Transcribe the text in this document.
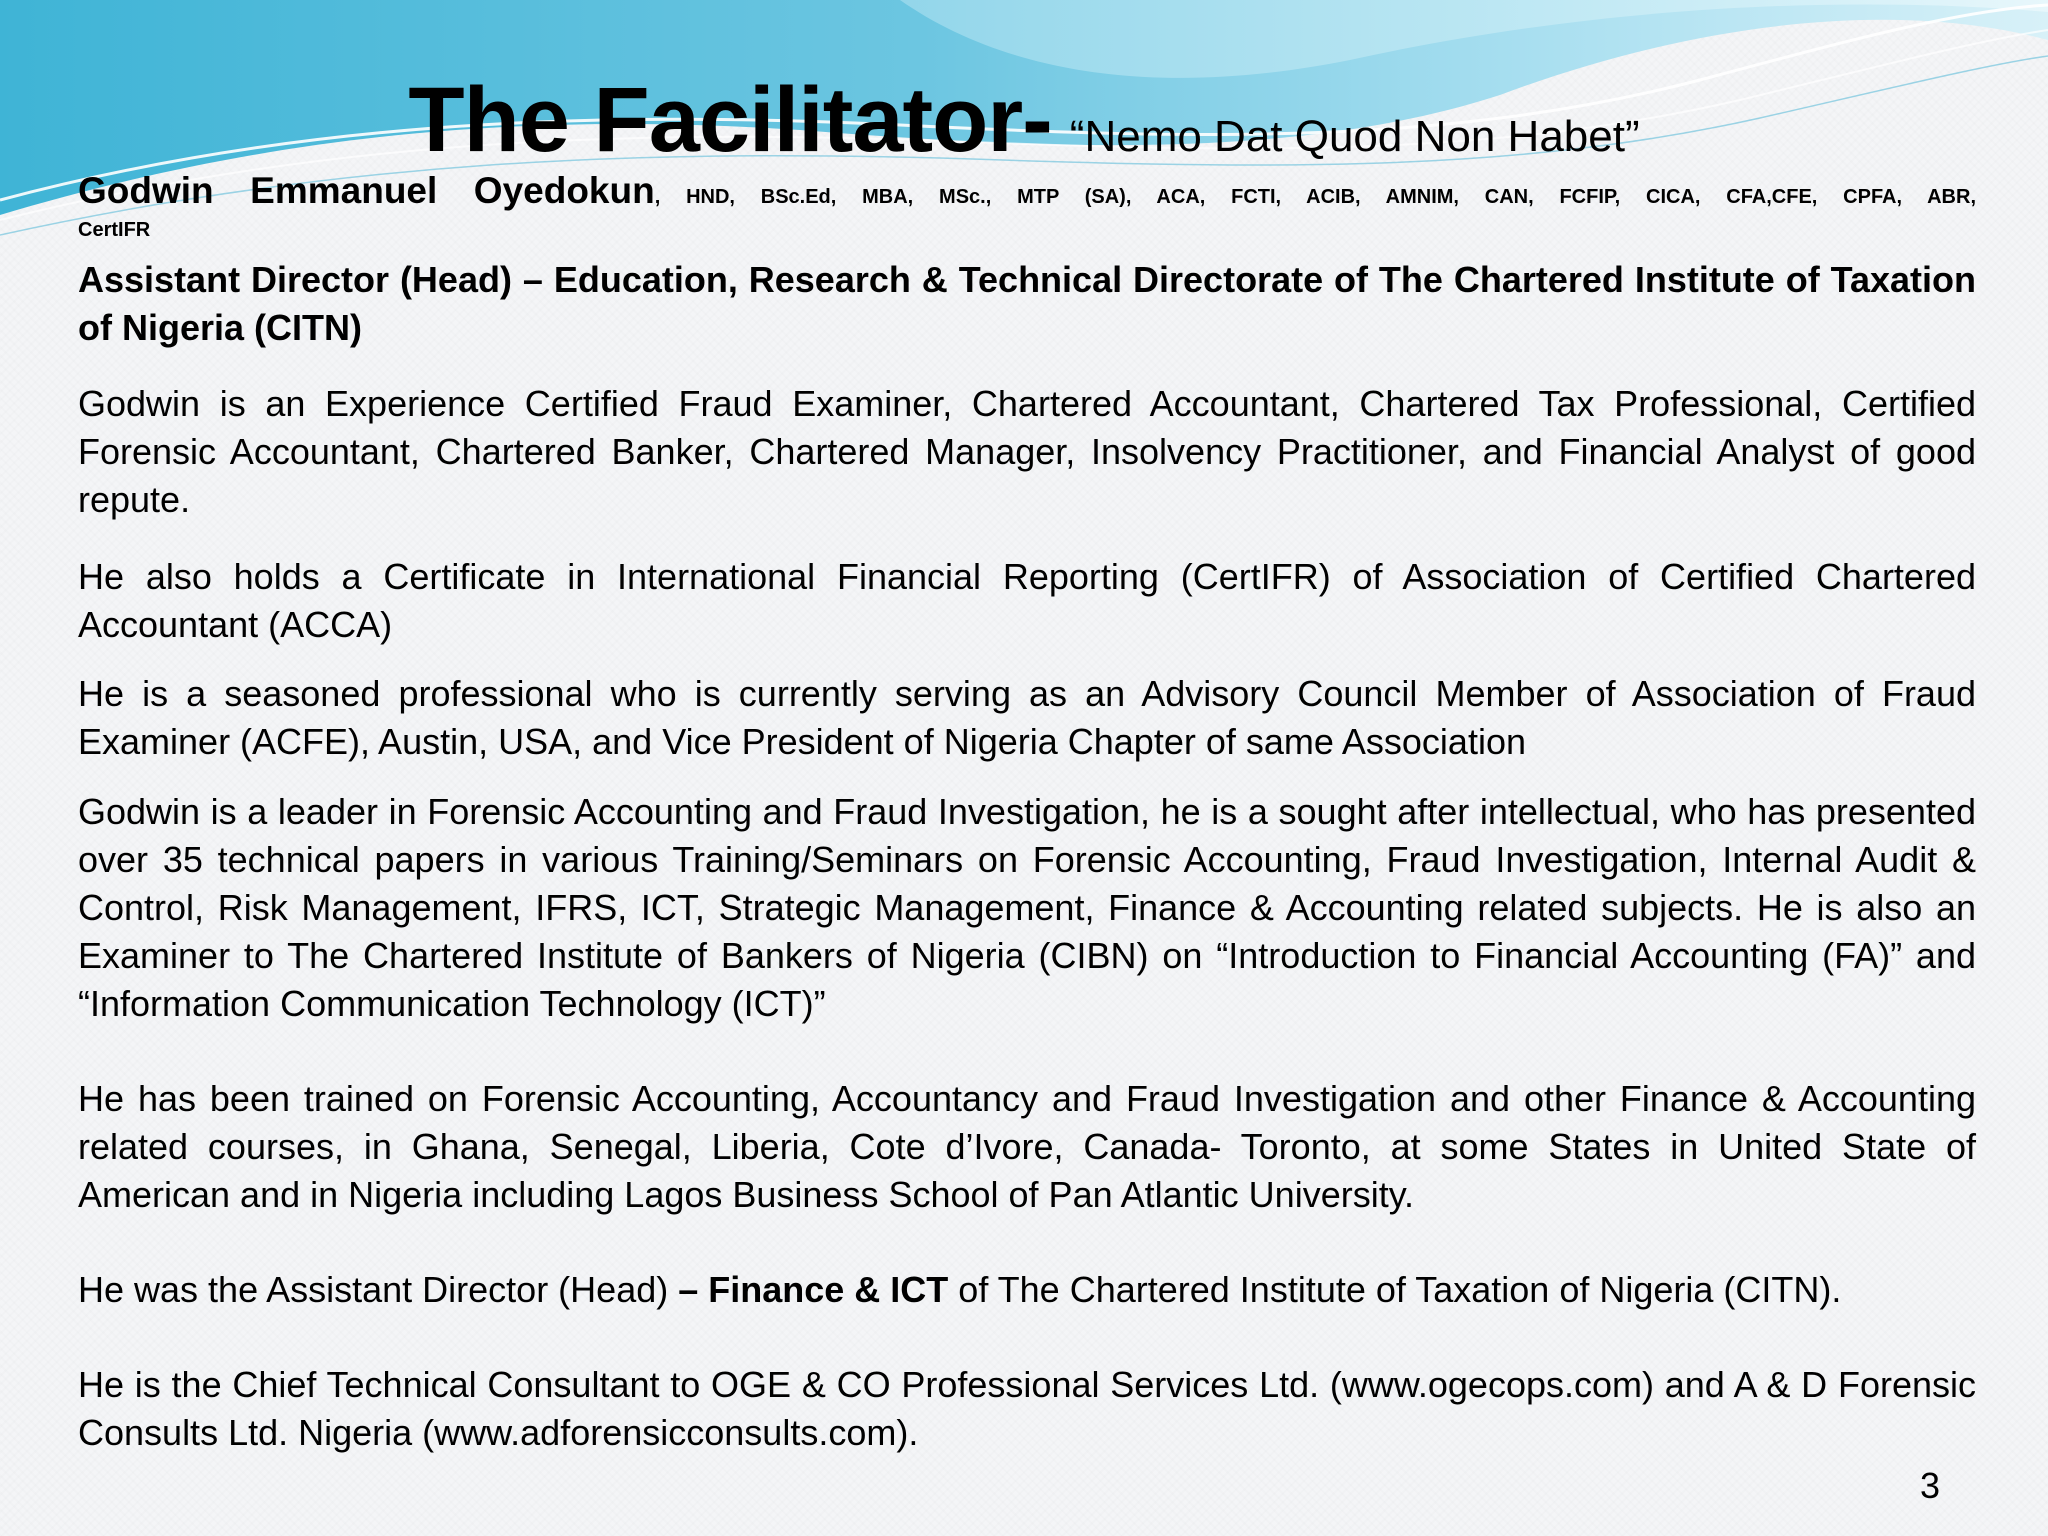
The Facilitator- “Nemo Dat Quod Non Habet”

Godwin Emmanuel Oyedokun, HND, BSc.Ed, MBA, MSc., MTP (SA), ACA, FCTI, ACIB, AMNIM, CAN, FCFIP, CICA, CFA,CFE, CPFA, ABR,

CertIFR

Assistant Director (Head) – Education, Research & Technical Directorate of The Chartered Institute of Taxation of Nigeria (CITN)

Godwin is an Experience Certified Fraud Examiner, Chartered Accountant, Chartered Tax Professional, Certified Forensic Accountant, Chartered Banker, Chartered Manager, Insolvency Practitioner, and Financial Analyst of good repute.

He also holds a Certificate in International Financial Reporting (CertIFR) of Association of Certified Chartered Accountant (ACCA)

He is a seasoned professional who is currently serving as an Advisory Council Member of Association of Fraud Examiner (ACFE), Austin, USA, and Vice President of Nigeria Chapter of same Association

Godwin is a leader in Forensic Accounting and Fraud Investigation, he is a sought after intellectual, who has presented over 35 technical papers in various Training/Seminars on Forensic Accounting, Fraud Investigation, Internal Audit & Control, Risk Management, IFRS, ICT, Strategic Management, Finance & Accounting related subjects. He is also an Examiner to The Chartered Institute of Bankers of Nigeria (CIBN) on “Introduction to Financial Accounting (FA)” and “Information Communication Technology (ICT)”

He has been trained on Forensic Accounting, Accountancy and Fraud Investigation and other Finance & Accounting related courses, in Ghana, Senegal, Liberia, Cote d’Ivore, Canada- Toronto, at some States in United State of American and in Nigeria including Lagos Business School of Pan Atlantic University.

He was the Assistant Director (Head) – Finance & ICT of The Chartered Institute of Taxation of Nigeria (CITN).

He is the Chief Technical Consultant to OGE & CO Professional Services Ltd. (www.ogecops.com) and A & D Forensic Consults Ltd. Nigeria (www.adforensicconsults.com).

3
